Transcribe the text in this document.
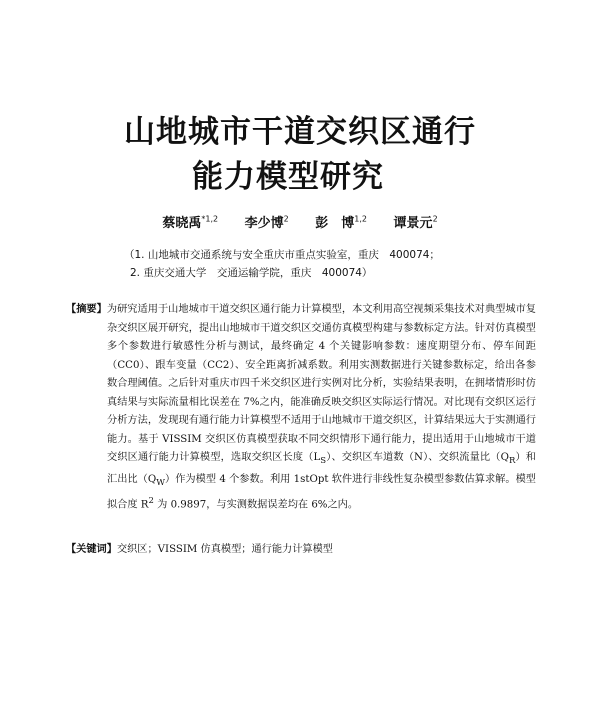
山地城市干道交织区通行
能力模型研究
蔡晓禹$^{*1,2}$ 李少博$^2$ 彭　博$^{1,2}$ 谭景元$^2$
（1. 山地城市交通系统与安全重庆市重点实验室，重庆　400074；
2. 重庆交通大学　交通运输学院，重庆　400074）
【摘要】为研究适用于山地城市干道交织区通行能力计算模型，本文利用高空视频采集技术对典型城市复杂交织区展开研究，提出山地城市干道交织区交通仿真模型构建与参数标定方法。针对仿真模型多个参数进行敏感性分析与测试，最终确定 4 个关键影响参数：速度期望分布、停车间距（CC0）、跟车变量（CC2）、安全距离折减系数。利用实测数据进行关键参数标定，给出各参数合理阈值。之后针对重庆市四千米交织区进行实例对比分析，实验结果表明，在拥堵情形时仿真结果与实际流量相比误差在 7%之内，能准确反映交织区实际运行情况。对比现有交织区运行分析方法，发现现有通行能力计算模型不适用于山地城市干道交织区，计算结果远大于实测通行能力。基于 VISSIM 交织区仿真模型获取不同交织情形下通行能力，提出适用于山地城市干道交织区通行能力计算模型，选取交织区长度$(L_S)$、交织区车道数（N）、交织流量比$(Q_R)$和汇出比$(Q_W)$作为模型 4 个参数。利用 1stOpt 软件进行非线性复杂模型参数估算求解。模型拟合度 $R^2$ 为 0.9897，与实测数据误差均在 6%之内。
【关键词】交织区；VISSIM 仿真模型；通行能力计算模型
